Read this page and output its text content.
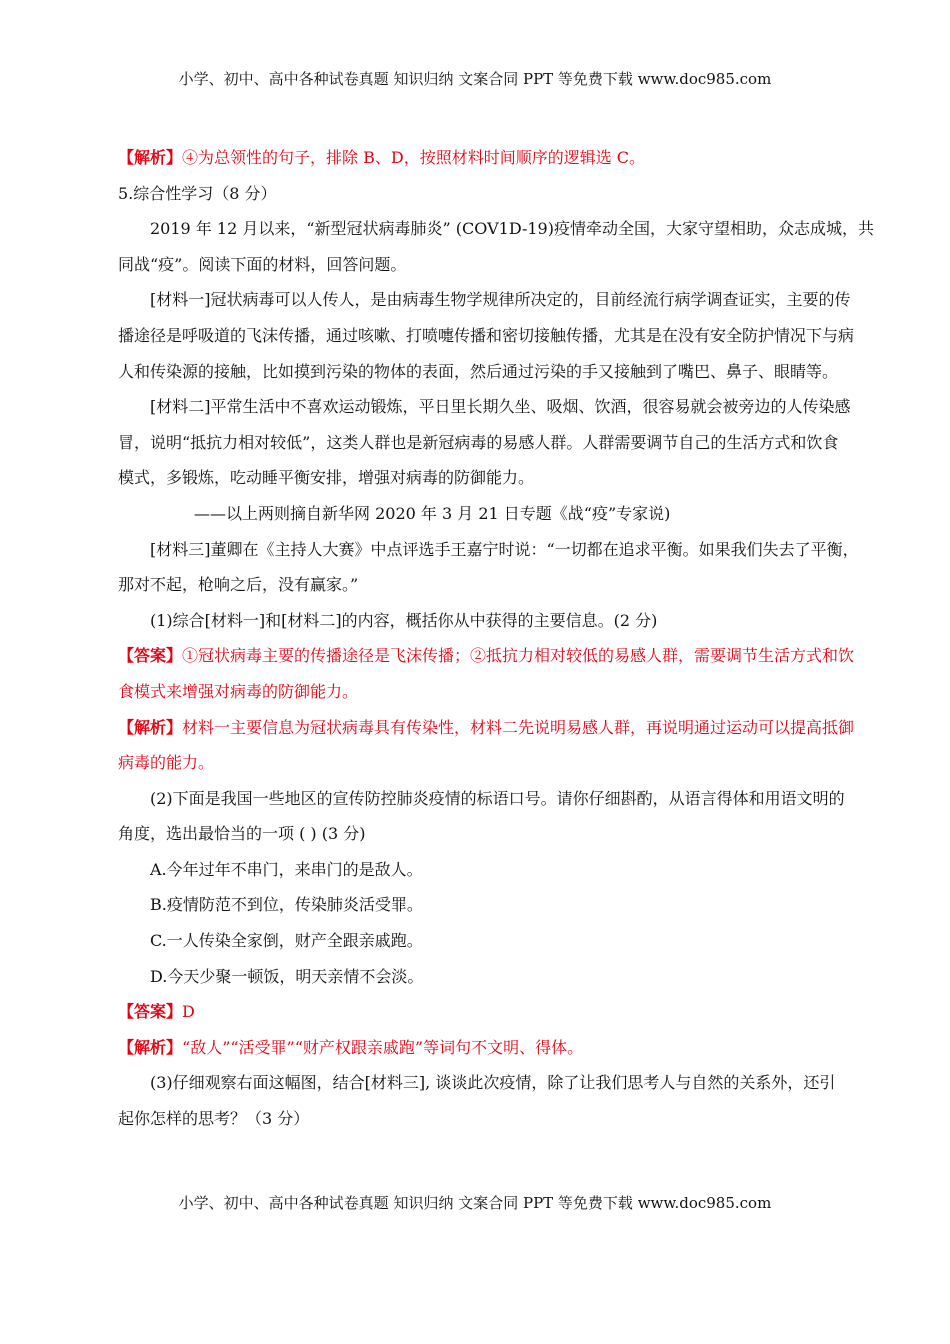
小学、初中、高中各种试卷真题 知识归纳 文案合同 PPT 等免费下载 www.doc985.com
【解析】④为总领性的句子，排除 B、D，按照材料时间顺序的逻辑选 C。
5.综合性学习（8 分）
2019 年 12 月以来，“新型冠状病毒肺炎” (COV1D-19)疫情牵动全国，大家守望相助，众志成城，共
同战“疫”。阅读下面的材料，回答问题。
[材料一]冠状病毒可以人传人，是由病毒生物学规律所决定的，目前经流行病学调查证实，主要的传
播途径是呼吸道的飞沫传播，通过咳嗽、打喷嚏传播和密切接触传播，尤其是在没有安全防护情况下与病
人和传染源的接触，比如摸到污染的物体的表面，然后通过污染的手又接触到了嘴巴、鼻子、眼睛等。
[材料二]平常生活中不喜欢运动锻炼，平日里长期久坐、吸烟、饮酒，很容易就会被旁边的人传染感
冒，说明“抵抗力相对较低”，这类人群也是新冠病毒的易感人群。人群需要调节自己的生活方式和饮食
模式，多锻炼，吃动睡平衡安排，增强对病毒的防御能力。
——以上两则摘自新华网 2020 年 3 月 21 日专题《战“疫”专家说)
[材料三]董卿在《主持人大赛》中点评选手王嘉宁时说：“一切都在追求平衡。如果我们失去了平衡，
那对不起，枪响之后，没有赢家。”
(1)综合[材料一]和[材料二]的内容，概括你从中获得的主要信息。(2 分)
【答案】①冠状病毒主要的传播途径是飞沫传播；②抵抗力相对较低的易感人群，需要调节生活方式和饮
食模式来增强对病毒的防御能力。
【解析】材料一主要信息为冠状病毒具有传染性，材料二先说明易感人群，再说明通过运动可以提高抵御
病毒的能力。
(2)下面是我国一些地区的宣传防控肺炎疫情的标语口号。请你仔细斟酌，从语言得体和用语文明的
角度，选出最恰当的一项 ( ) (3 分)
A.今年过年不串门，来串门的是敌人。
B.疫情防范不到位，传染肺炎活受罪。
C.一人传染全家倒，财产全跟亲戚跑。
D.今天少聚一顿饭，明天亲情不会淡。
【答案】D
【解析】“敌人”“活受罪”“财产权跟亲戚跑”等词句不文明、得体。
(3)仔细观察右面这幅图，结合[材料三], 谈谈此次疫情，除了让我们思考人与自然的关系外，还引
起你怎样的思考？（3 分）
小学、初中、高中各种试卷真题 知识归纳 文案合同 PPT 等免费下载 www.doc985.com
